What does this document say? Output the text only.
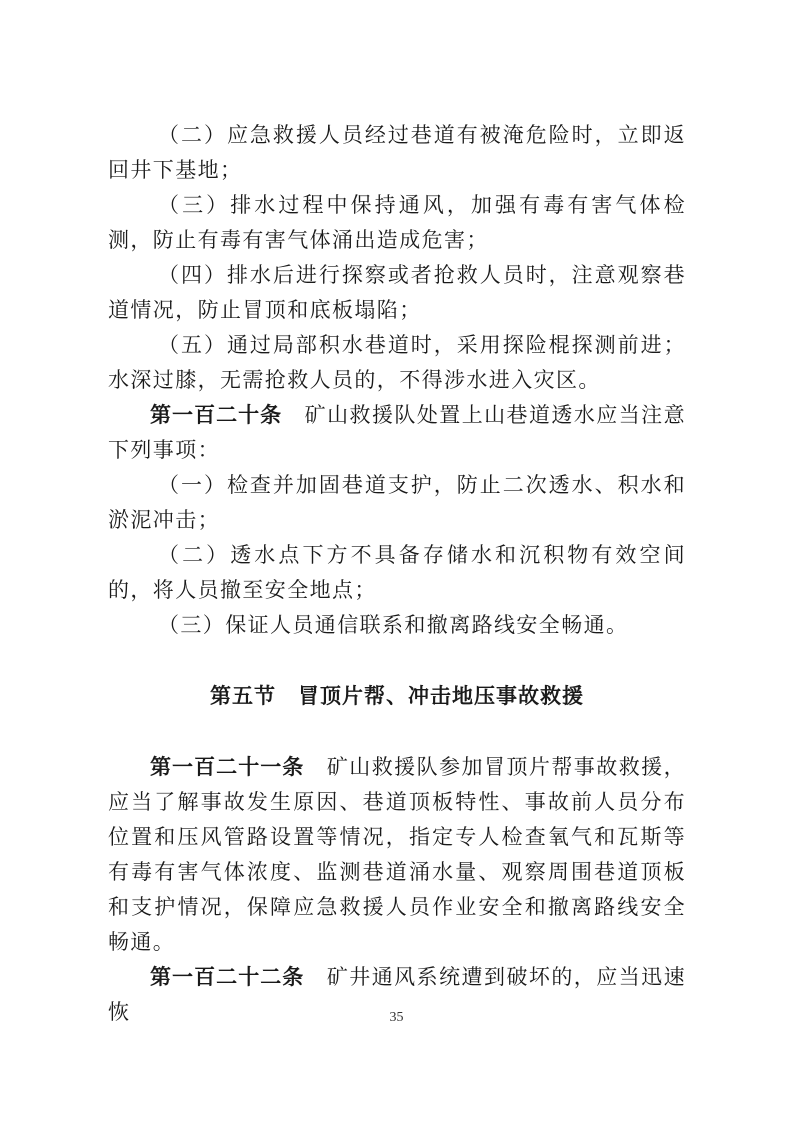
（二）应急救援人员经过巷道有被淹危险时，立即返回井下基地；

（三）排水过程中保持通风，加强有毒有害气体检测，防止有毒有害气体涌出造成危害；

（四）排水后进行探察或者抢救人员时，注意观察巷道情况，防止冒顶和底板塌陷；

（五）通过局部积水巷道时，采用探险棍探测前进；水深过膝，无需抢救人员的，不得涉水进入灾区。

第一百二十条　 矿山救援队处置上山巷道透水应当注意下列事项：

（一）检查并加固巷道支护，防止二次透水、积水和淤泥冲击；

（二）透水点下方不具备存储水和沉积物有效空间的，将人员撤至安全地点；

（三）保证人员通信联系和撤离路线安全畅通。

第五节　冒顶片帮、冲击地压事故救援

第一百二十一条　 矿山救援队参加冒顶片帮事故救援，应当了解事故发生原因、巷道顶板特性、事故前人员分布位置和压风管路设置等情况，指定专人检查氧气和瓦斯等有毒有害气体浓度、监测巷道涌水量、观察周围巷道顶板和支护情况，保障应急救援人员作业安全和撤离路线安全畅通。

第一百二十二条　 矿井通风系统遭到破坏的，应当迅速恢	35
